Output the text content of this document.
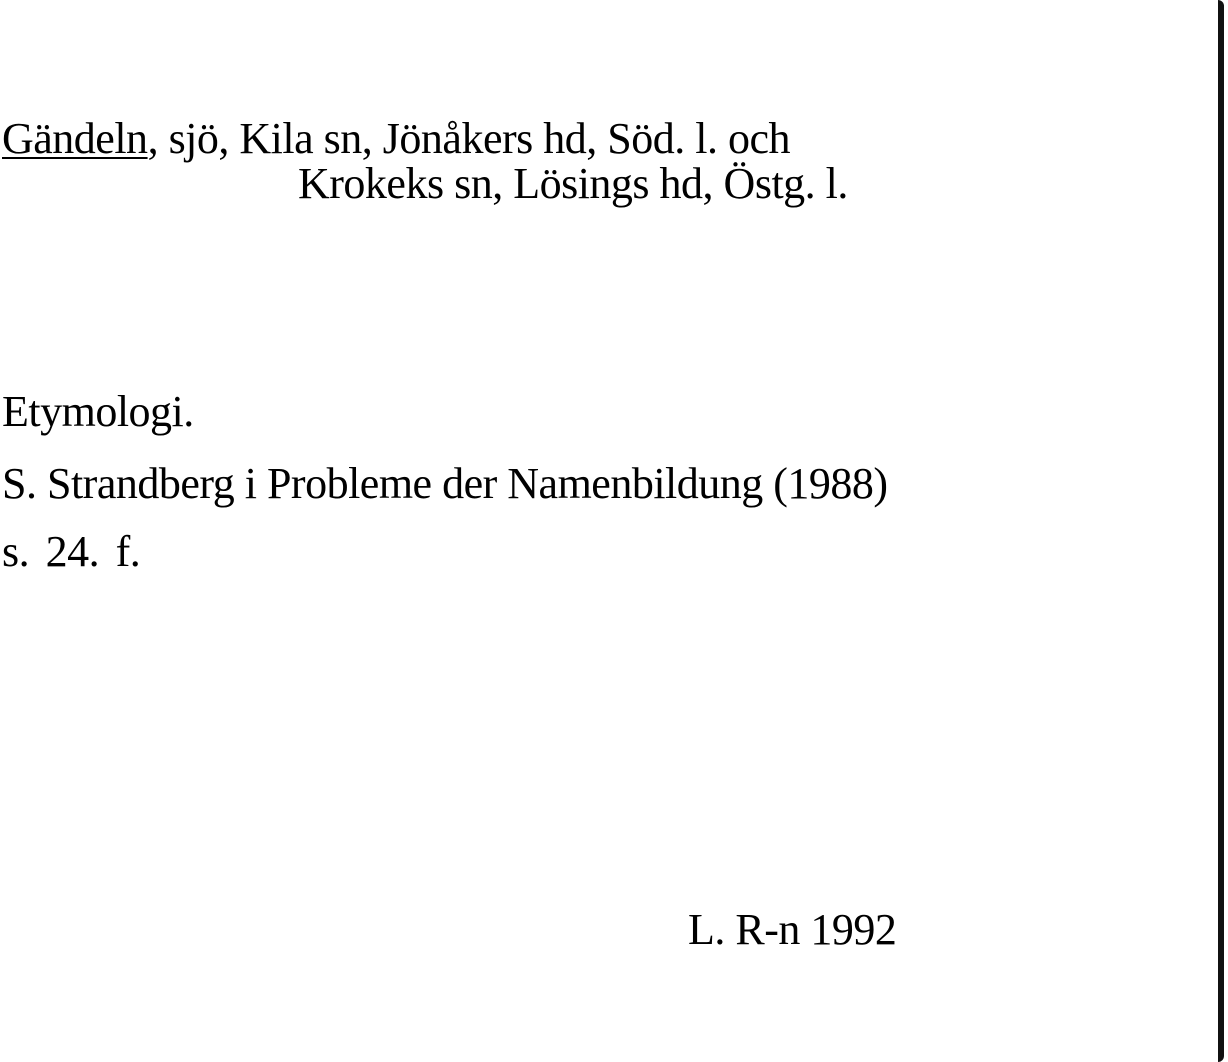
Gändeln, sjö, Kila sn, Jönåkers hd, Söd. l. och
Krokeks sn, Lösings hd, Östg. l.
Etymologi.
S. Strandberg i Probleme der Namenbildung (1988)
s. 24. f.
L. R-n 1992
